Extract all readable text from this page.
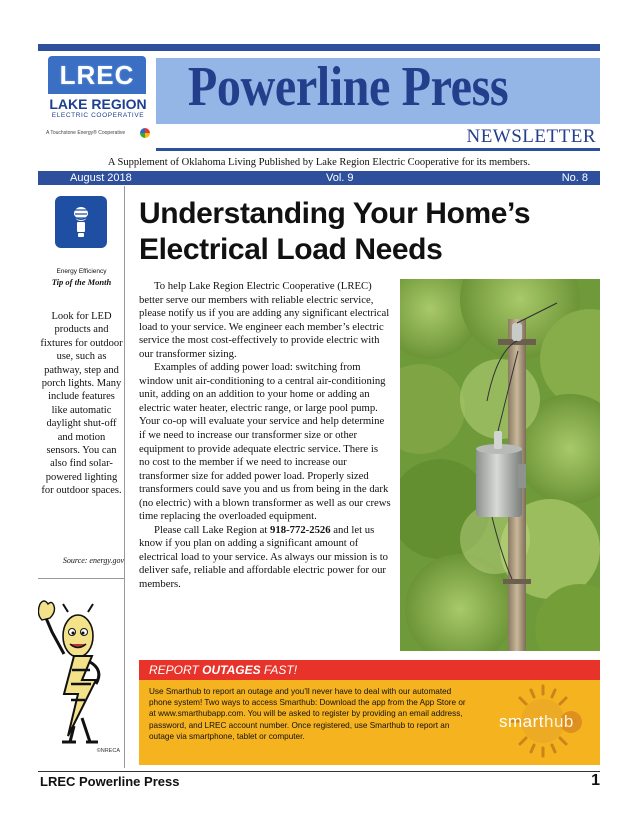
LREC
LAKE REGION
ELECTRIC COOPERATIVE
A Touchstone Energy® Cooperative
Powerline Press
NEWSLETTER
A Supplement of Oklahoma Living Published by Lake Region Electric Cooperative for its members.
August 2018	Vol. 9	No. 8
Energy Efficiency
Tip of the Month
Look for LED products and fixtures for outdoor use, such as pathway, step and porch lights. Many include features like automatic daylight shut-off and motion sensors. You can also find solar-powered lighting for outdoor spaces.
Source: energy.gov
©NRECA
Understanding Your Home’s Electrical Load Needs

To help Lake Region Electric Cooperative (LREC) better serve our members with reliable electric service, please notify us if you are adding any significant electrical load to your service. We engineer each member’s electric service the most cost-effectively to provide electric with our transformer sizing.

Examples of adding power load: switching from window unit air-conditioning to a central air-conditioning unit, adding on an addition to your home or adding an electric water heater, electric range, or large pool pump. Your co-op will evaluate your service and help determine if we need to increase our transformer size or other equipment to provide adequate electric service. There is no cost to the member if we need to increase our transformer size for added power load. Properly sized transformers could save you and us from being in the dark (no electric) with a blown transformer as well as our crews time replacing the overloaded equipment.

Please call Lake Region at 918-772-2526 and let us know if you plan on adding a significant amount of electrical load to your service. As always our mission is to deliver safe, reliable and affordable electric power for our members.

REPORT OUTAGES FAST!
Use Smarthub to report an outage and you’ll never have to deal with our automated phone system! Two ways to access Smarthub: Download the app from the App Store or at www.smarthubapp.com. You will be asked to register by providing an email address, password, and LREC account number. Once registered, use Smarthub to report an outage via smartphone, tablet or computer.
smarthub
LREC Powerline Press	1
